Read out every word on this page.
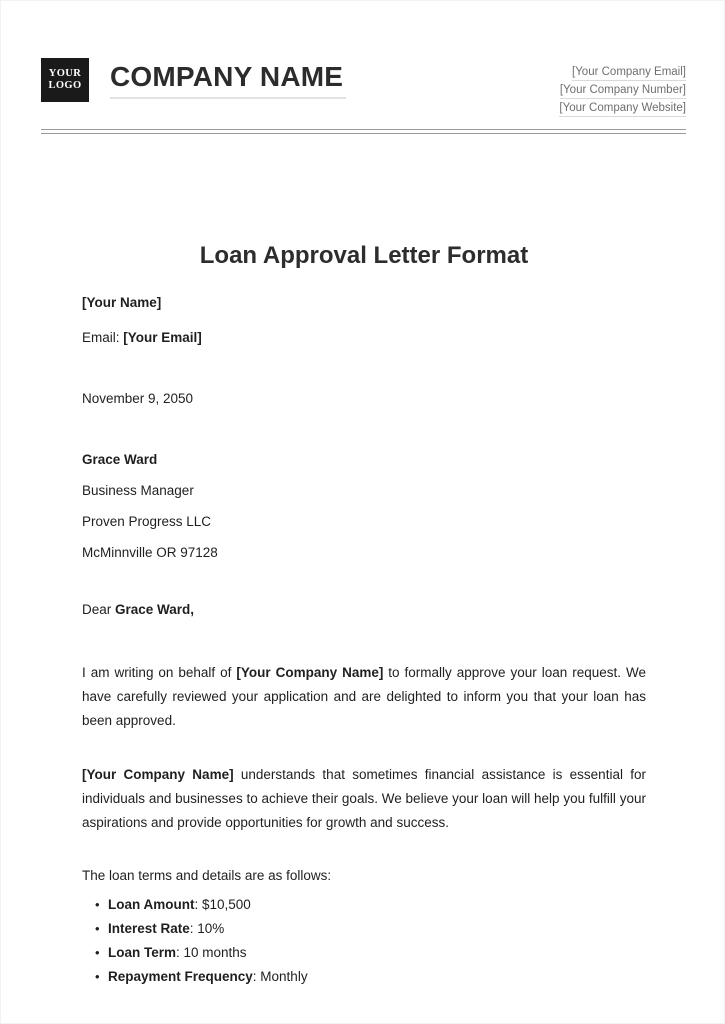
YOUR
LOGO COMPANY NAME	[Your Company Email]
[Your Company Number]
[Your Company Website]
Loan Approval Letter Format
[Your Name]
Email: [Your Email]
November 9, 2050
Grace Ward
Business Manager
Proven Progress LLC
McMinnville OR 97128
Dear Grace Ward,

I am writing on behalf of [Your Company Name] to formally approve your loan request. We have carefully reviewed your application and are delighted to inform you that your loan has been approved.

[Your Company Name] understands that sometimes financial assistance is essential for individuals and businesses to achieve their goals. We believe your loan will help you fulfill your aspirations and provide opportunities for growth and success.

The loan terms and details are as follows:

• Loan Amount: $10,500
• Interest Rate: 10%
• Loan Term: 10 months
• Repayment Frequency: Monthly
